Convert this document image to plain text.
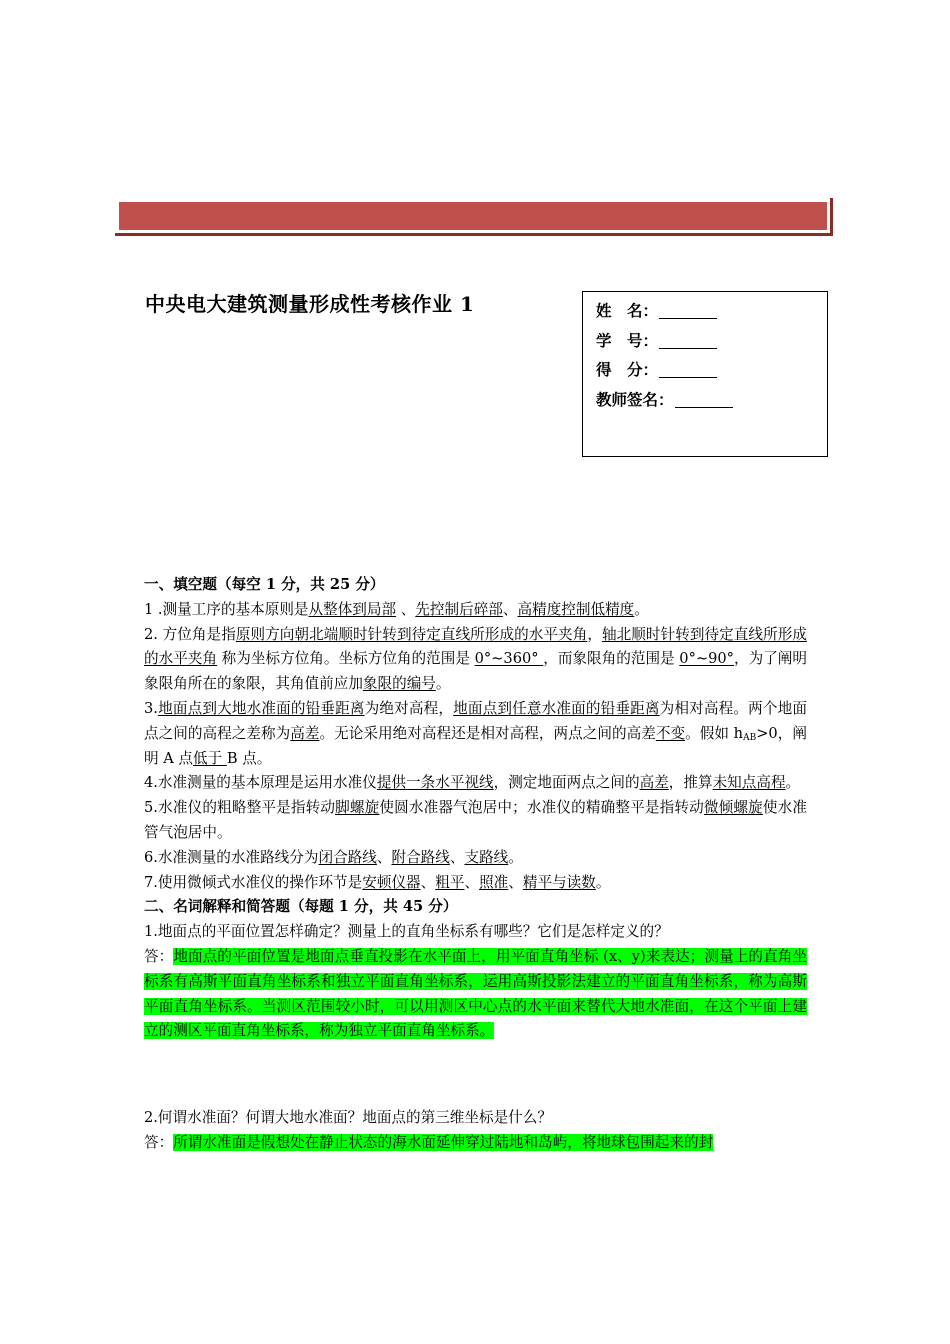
中央电大建筑测量形成性考核作业 1	姓　名：
学　号：
得　分：
教师签名：

一、填空题（每空 1 分，共 25 分）

1 .测量工序的基本原则是从整体到局部 、先控制后碎部、高精度控制低精度。

2. 方位角是指原则方向朝北端顺时针转到待定直线所形成的水平夹角，轴北顺时针转到待定直线所形成的水平夹角 称为坐标方位角。坐标方位角的范围是 0°~360° ，而象限角的范围是 0°~90°，为了阐明象限角所在的象限，其角值前应加象限的编号。

3.地面点到大地水准面的铅垂距离为绝对高程，地面点到任意水准面的铅垂距离为相对高程。两个地面点之间的高程之差称为高差。无论采用绝对高程还是相对高程，两点之间的高差不变。假如 $h_{AB}>0$，阐明 A 点低于 B 点。

4.水准测量的基本原理是运用水准仪提供一条水平视线，测定地面两点之间的高差，推算未知点高程。

5.水准仪的粗略整平是指转动脚螺旋使圆水准器气泡居中；水准仪的精确整平是指转动微倾螺旋使水准管气泡居中。

6.水准测量的水准路线分为闭合路线、附合路线、支路线。

7.使用微倾式水准仪的操作环节是安顿仪器、粗平、照准、精平与读数。

二、名词解释和简答题（每题 1 分，共 45 分）

1.地面点的平面位置怎样确定？测量上的直角坐标系有哪些？它们是怎样定义的？

答：地面点的平面位置是地面点垂直投影在水平面上，用平面直角坐标 (x、y)来表达；测量上的直角坐标系有高斯平面直角坐标系和独立平面直角坐标系，运用高斯投影法建立的平面直角坐标系，称为高斯平面直角坐标系。当测区范围较小时，可以用测区中心点的水平面来替代大地水准面，在这个平面上建立的测区平面直角坐标系，称为独立平面直角坐标系。

2.何谓水准面？何谓大地水准面？地面点的第三维坐标是什么？

答：所谓水准面是假想处在静止状态的海水面延伸穿过陆地和岛屿，将地球包围起来的封
